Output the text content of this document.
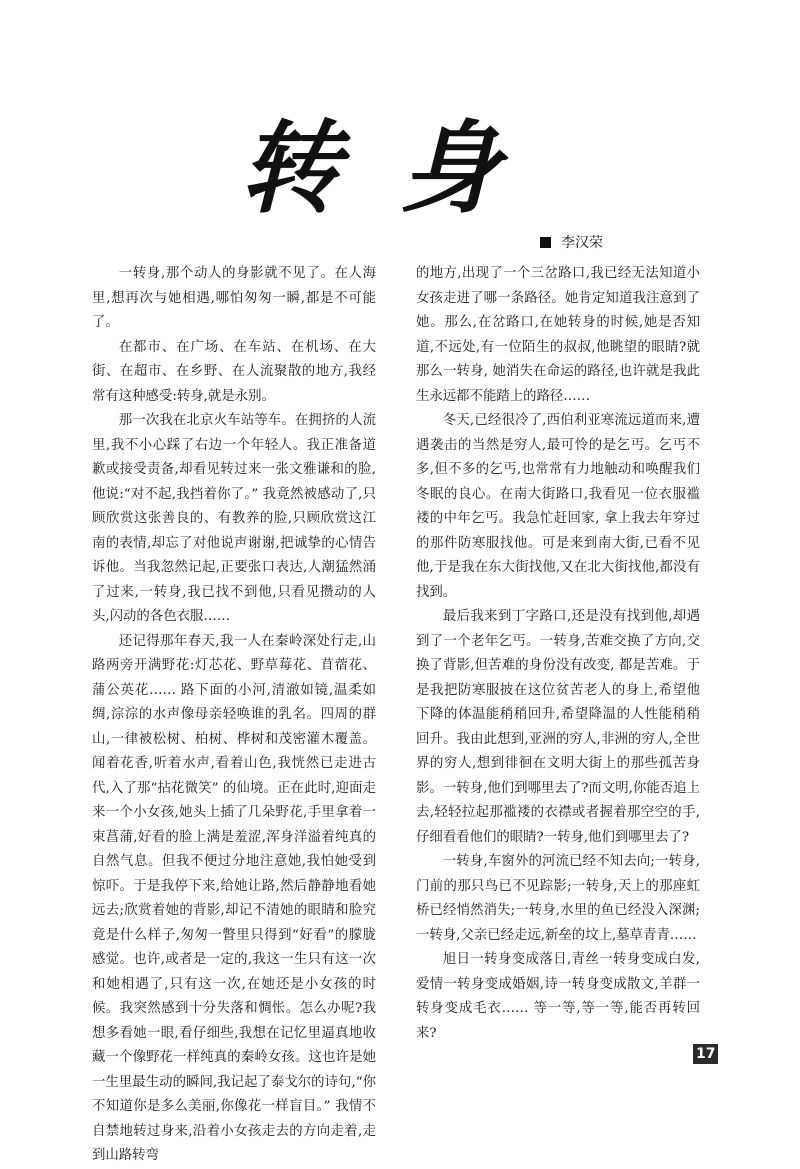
转身
李汉荣

一转身,那个动人的身影就不见了。在人海里,想再次与她相遇,哪怕匆匆一瞬,都是不可能了。

在都市、在广场、在车站、在机场、在大街、在超市、在乡野、在人流聚散的地方,我经常有这种感受:转身,就是永别。

那一次我在北京火车站等车。在拥挤的人流里,我不小心踩了右边一个年轻人。我正准备道歉或接受责备,却看见转过来一张文雅谦和的脸,他说:“对不起,我挡着你了。” 我竟然被感动了,只顾欣赏这张善良的、有教养的脸,只顾欣赏这江南的表情,却忘了对他说声谢谢,把诚挚的心情告诉他。当我忽然记起,正要张口表达,人潮猛然涌了过来,一转身,我已找不到他,只看见攒动的人头,闪动的各色衣服……

还记得那年春天,我一人在秦岭深处行走,山路两旁开满野花:灯芯花、野草莓花、苜蓿花、蒲公英花…… 路下面的小河,清澈如镜,温柔如绸,淙淙的水声像母亲轻唤谁的乳名。四周的群山,一律被松树、柏树、桦树和茂密灌木覆盖。闻着花香,听着水声,看着山色,我恍然已走进古代,入了那“拈花微笑” 的仙境。正在此时,迎面走来一个小女孩,她头上插了几朵野花,手里拿着一束菖蒲,好看的脸上满是羞涩,浑身洋溢着纯真的自然气息。但我不便过分地注意她,我怕她受到惊吓。于是我停下来,给她让路,然后静静地看她远去;欣赏着她的背影,却记不清她的眼睛和脸究竟是什么样子,匆匆一瞥里只得到“好看”的朦胧感觉。也许,或者是一定的,我这一生只有这一次和她相遇了,只有这一次,在她还是小女孩的时候。我突然感到十分失落和惆怅。怎么办呢?我想多看她一眼,看仔细些,我想在记忆里逼真地收藏一个像野花一样纯真的秦岭女孩。这也许是她一生里最生动的瞬间,我记起了泰戈尔的诗句,“你不知道你是多么美丽,你像花一样盲目。” 我情不自禁地转过身来,沿着小女孩走去的方向走着,走到山路转弯

的地方,出现了一个三岔路口,我已经无法知道小女孩走进了哪一条路径。她肯定知道我注意到了她。那么,在岔路口,在她转身的时候,她是否知道,不远处,有一位陌生的叔叔,他眺望的眼睛?就那么一转身, 她消失在命运的路径,也许就是我此生永远都不能踏上的路径……

冬天,已经很冷了,西伯利亚寒流远道而来,遭遇袭击的当然是穷人,最可怜的是乞丐。乞丐不多,但不多的乞丐,也常常有力地触动和唤醒我们冬眠的良心。在南大街路口,我看见一位衣服褴褛的中年乞丐。我急忙赶回家, 拿上我去年穿过的那件防寒服找他。可是来到南大街,已看不见他,于是我在东大街找他,又在北大街找他,都没有找到。

最后我来到丁字路口,还是没有找到他,却遇到了一个老年乞丐。一转身,苦难交换了方向,交换了背影,但苦难的身份没有改变, 都是苦难。于是我把防寒服披在这位贫苦老人的身上,希望他下降的体温能稍稍回升,希望降温的人性能稍稍回升。我由此想到,亚洲的穷人,非洲的穷人,全世界的穷人,想到徘徊在文明大街上的那些孤苦身影。一转身,他们到哪里去了?而文明,你能否追上去,轻轻拉起那褴褛的衣襟或者握着那空空的手,仔细看看他们的眼睛?一转身,他们到哪里去了?

一转身,车窗外的河流已经不知去向;一转身,门前的那只鸟已不见踪影;一转身,天上的那座虹桥已经悄然消失;一转身,水里的鱼已经没入深渊;一转身,父亲已经走远,新垒的坟上,墓草青青……

旭日一转身变成落日,青丝一转身变成白发,爱情一转身变成婚姻,诗一转身变成散文,羊群一转身变成毛衣…… 等一等,等一等,能否再转回来?

17
